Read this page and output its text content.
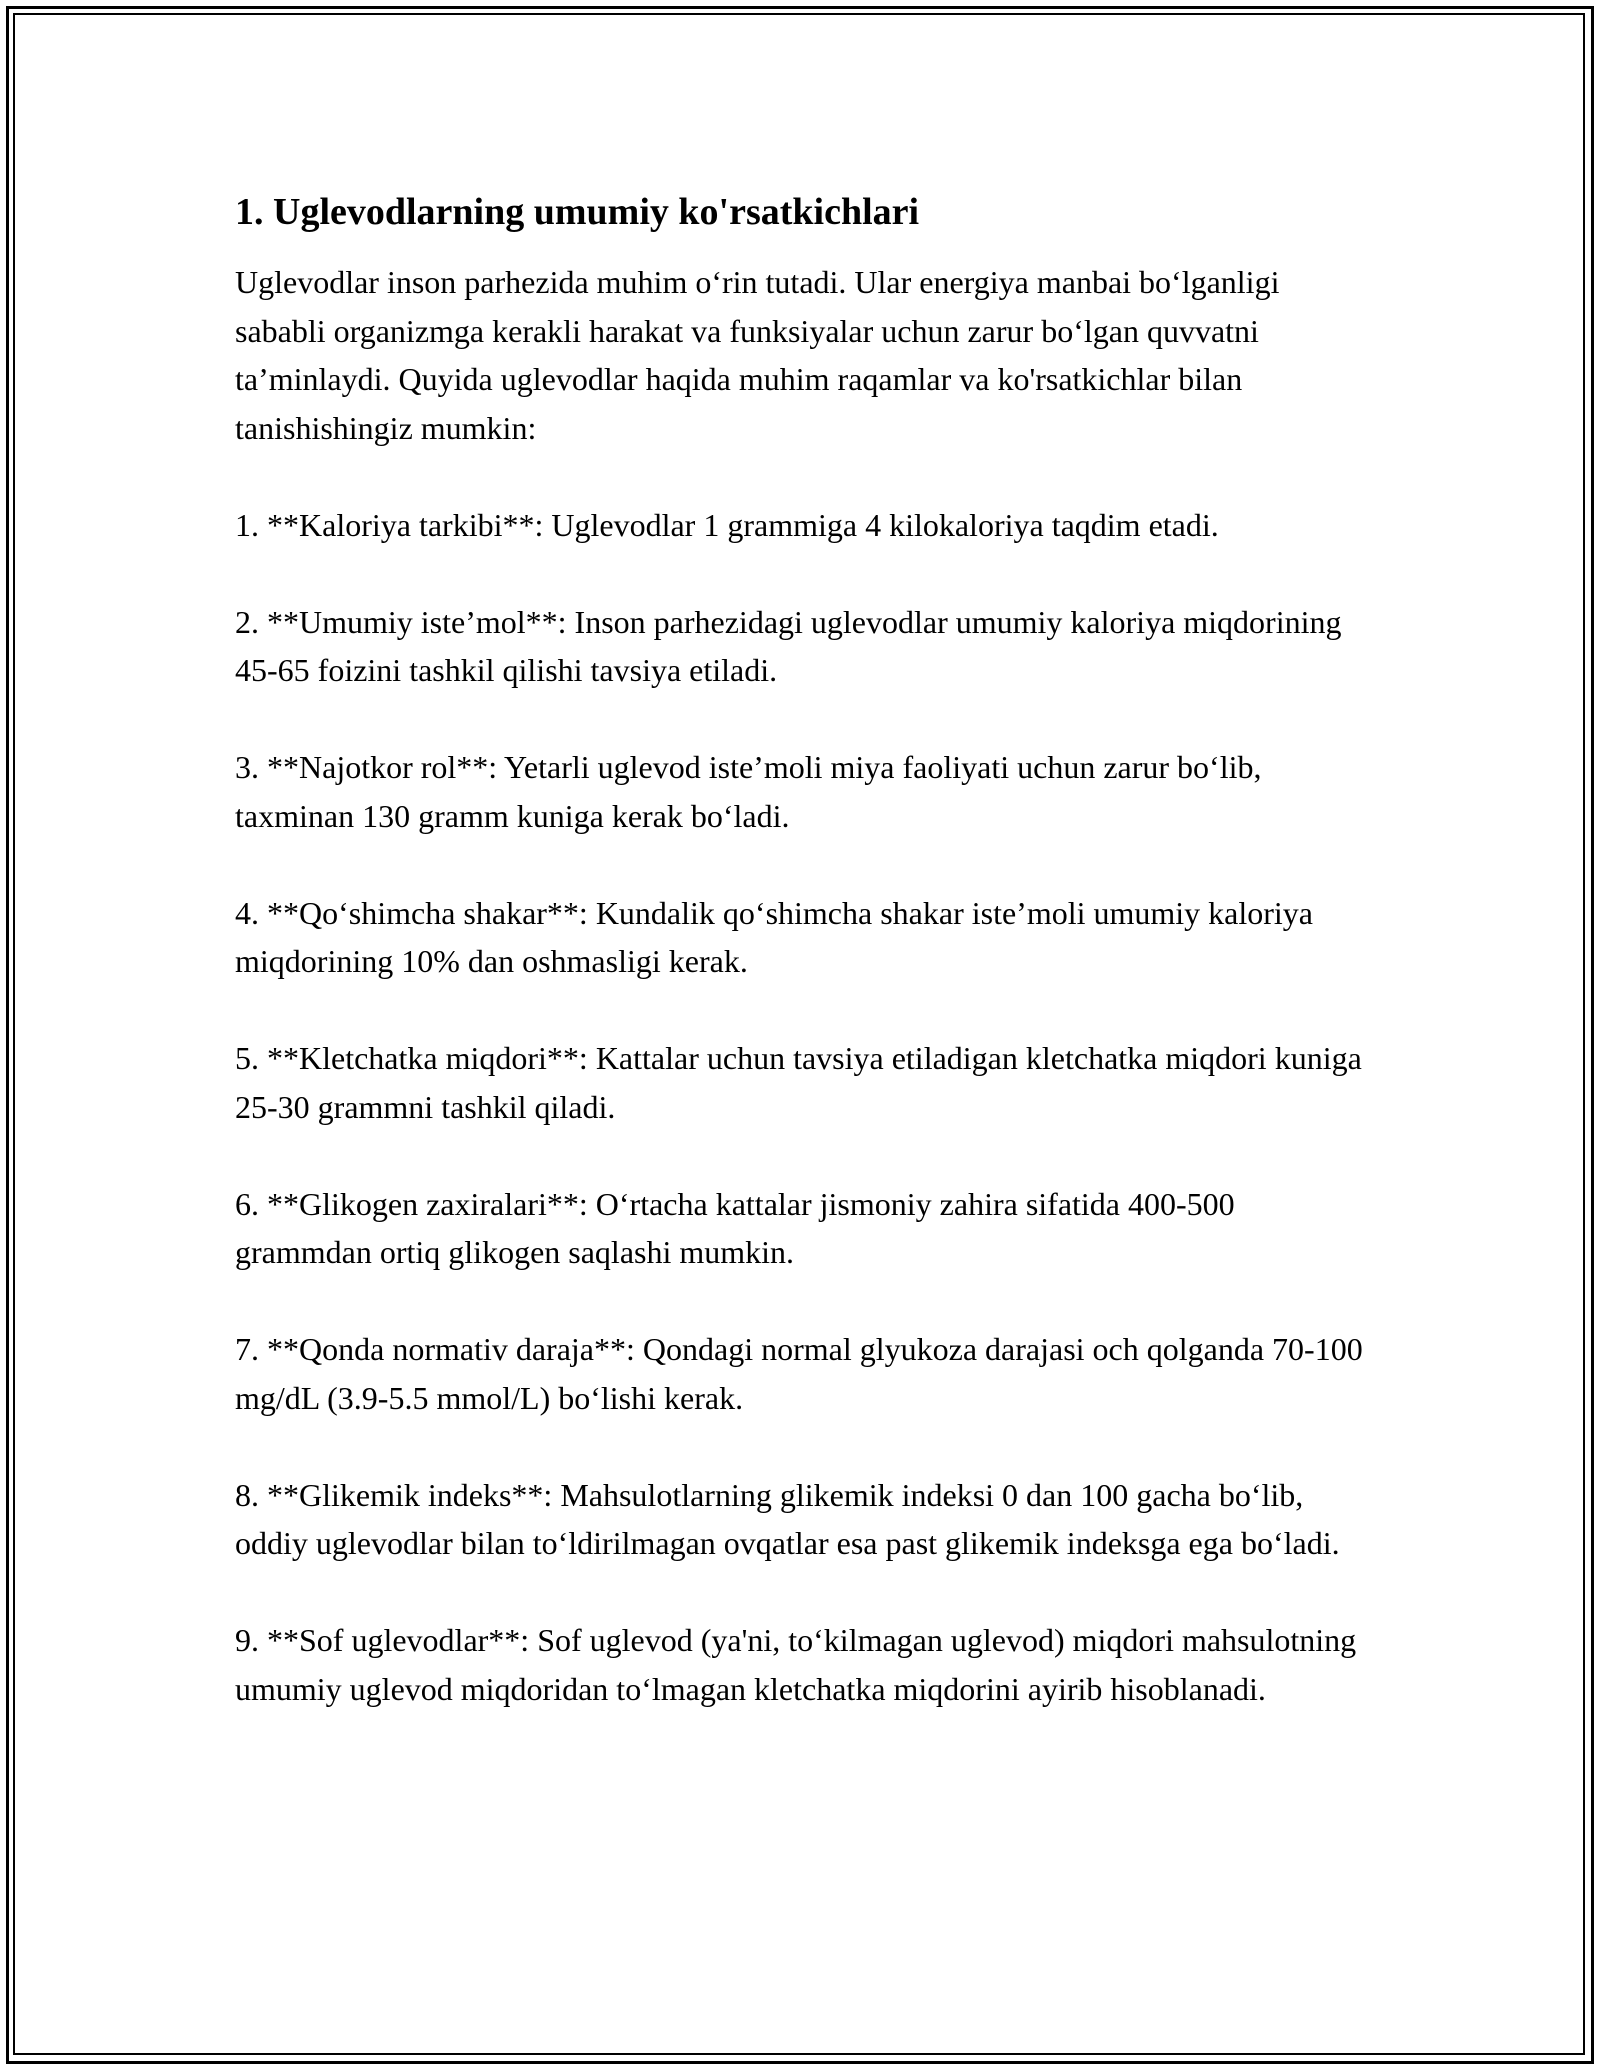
1. Uglevodlarning umumiy ko'rsatkichlari

Uglevodlar inson parhezida muhim o‘rin tutadi. Ular energiya manbai bo‘lganligi sababli organizmga kerakli harakat va funksiyalar uchun zarur bo‘lgan quvvatni ta’minlaydi. Quyida uglevodlar haqida muhim raqamlar va ko'rsatkichlar bilan tanishishingiz mumkin:

1. **Kaloriya tarkibi**: Uglevodlar 1 grammiga 4 kilokaloriya taqdim etadi.

2. **Umumiy iste’mol**: Inson parhezidagi uglevodlar umumiy kaloriya miqdorining 45-65 foizini tashkil qilishi tavsiya etiladi.

3. **Najotkor rol**: Yetarli uglevod iste’moli miya faoliyati uchun zarur bo‘lib, taxminan 130 gramm kuniga kerak bo‘ladi.

4. **Qo‘shimcha shakar**: Kundalik qo‘shimcha shakar iste’moli umumiy kaloriya miqdorining 10% dan oshmasligi kerak.

5. **Kletchatka miqdori**: Kattalar uchun tavsiya etiladigan kletchatka miqdori kuniga 25-30 grammni tashkil qiladi.

6. **Glikogen zaxiralari**: O‘rtacha kattalar jismoniy zahira sifatida 400-500 grammdan ortiq glikogen saqlashi mumkin.

7. **Qonda normativ daraja**: Qondagi normal glyukoza darajasi och qolganda 70-100 mg/dL (3.9-5.5 mmol/L) bo‘lishi kerak.

8. **Glikemik indeks**: Mahsulotlarning glikemik indeksi 0 dan 100 gacha bo‘lib, oddiy uglevodlar bilan to‘ldirilmagan ovqatlar esa past glikemik indeksga ega bo‘ladi.

9. **Sof uglevodlar**: Sof uglevod (ya'ni, to‘kilmagan uglevod) miqdori mahsulotning umumiy uglevod miqdoridan to‘lmagan kletchatka miqdorini ayirib hisoblanadi.
